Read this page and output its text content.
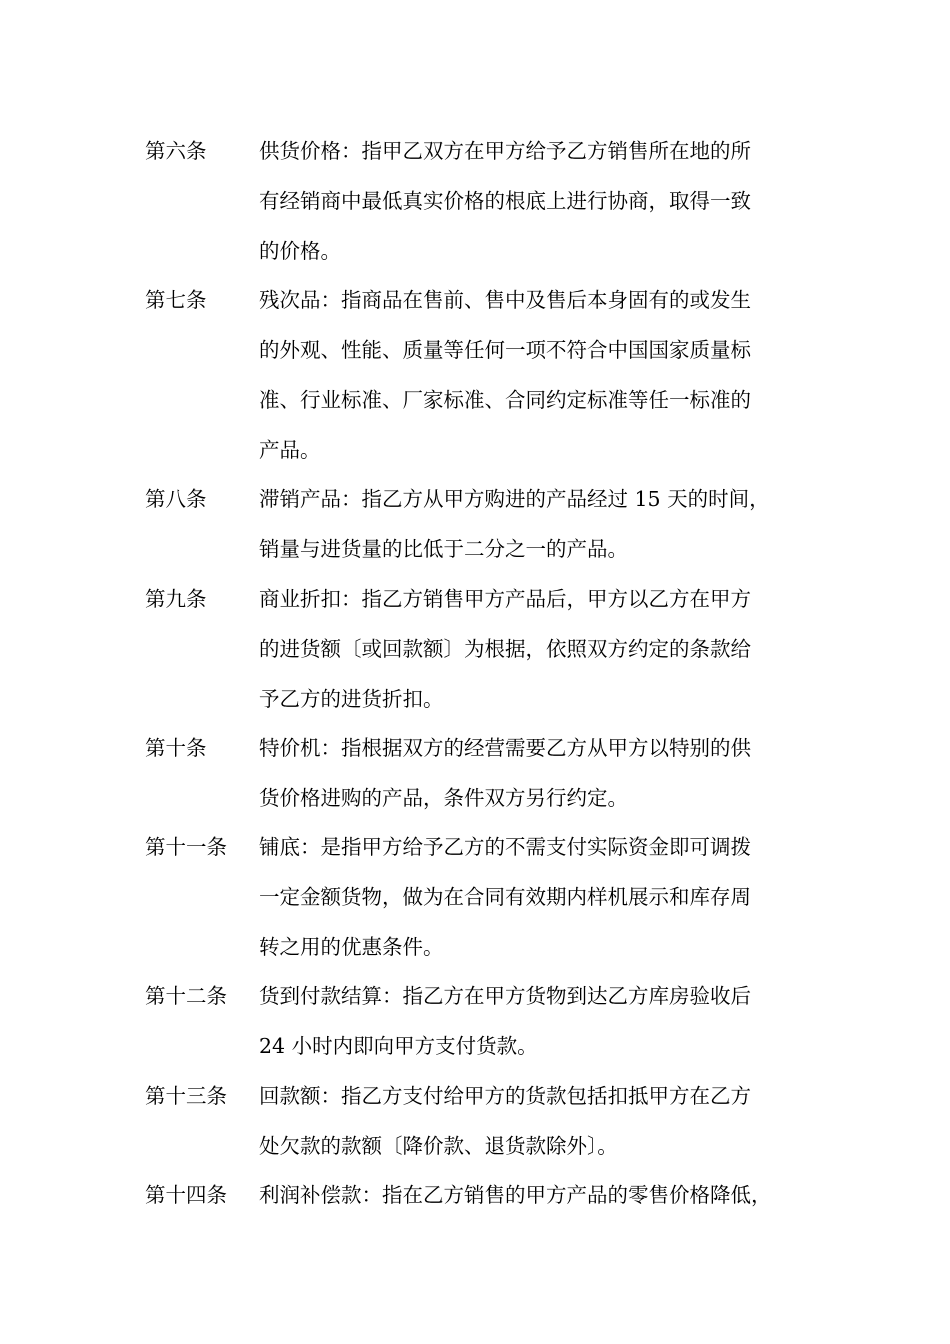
第六条	供货价格：指甲乙双方在甲方给予乙方销售所在地的所
有经销商中最低真实价格的根底上进行协商，取得一致
的价格。
第七条	残次品：指商品在售前、售中及售后本身固有的或发生
的外观、性能、质量等任何一项不符合中国国家质量标
准、行业标准、厂家标准、合同约定标准等任一标准的
产品。
第八条	滞销产品：指乙方从甲方购进的产品经过 15 天的时间，
销量与进货量的比低于二分之一的产品。
第九条	商业折扣：指乙方销售甲方产品后，甲方以乙方在甲方
的进货额〔或回款额〕为根据，依照双方约定的条款给
予乙方的进货折扣。
第十条	特价机：指根据双方的经营需要乙方从甲方以特别的供
货价格进购的产品，条件双方另行约定。
第十一条 铺底：是指甲方给予乙方的不需支付实际资金即可调拨
一定金额货物，做为在合同有效期内样机展示和库存周
转之用的优惠条件。
第十二条 货到付款结算：指乙方在甲方货物到达乙方库房验收后
24 小时内即向甲方支付货款。
第十三条 回款额：指乙方支付给甲方的货款包括扣抵甲方在乙方
处欠款的款额〔降价款、退货款除外〕。
第十四条 利润补偿款：指在乙方销售的甲方产品的零售价格降低，
